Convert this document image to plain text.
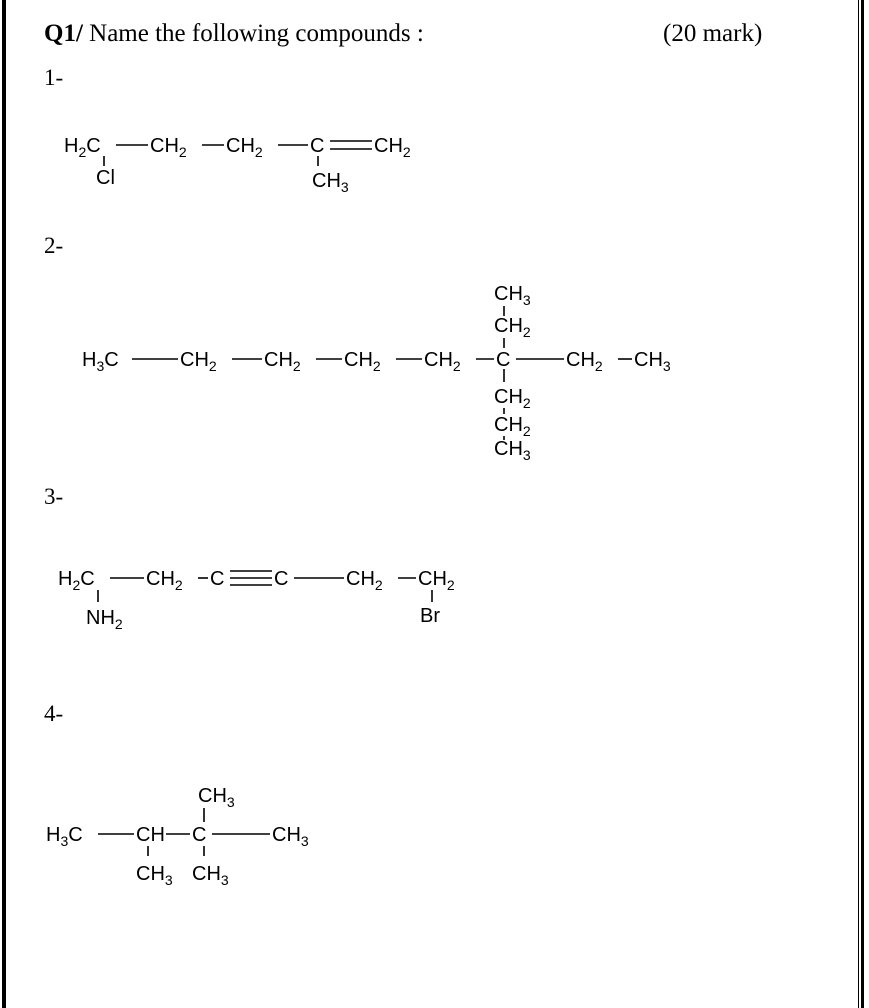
Q1/ Name the following compounds :	(20 mark)
1-
2-
3-
4-
$H_2C$ $CH_2$ $CH_2$ C $CH_2$
Cl	$CH_3$
$H_3C$	$CH_2$ $CH_2$ $CH_2$ $CH_2$ C	$CH_2$ $CH_3$
$CH_3$
$CH_2$
$CH_2$
$CH_2$
$CH_3$
$H_2C$	$CH_2$ C C	$CH_2$ $CH_2$
$NH_2$	Br
$H_3C$	CH C	$CH_3$
$CH_3$
$CH_3$ $CH_3$
